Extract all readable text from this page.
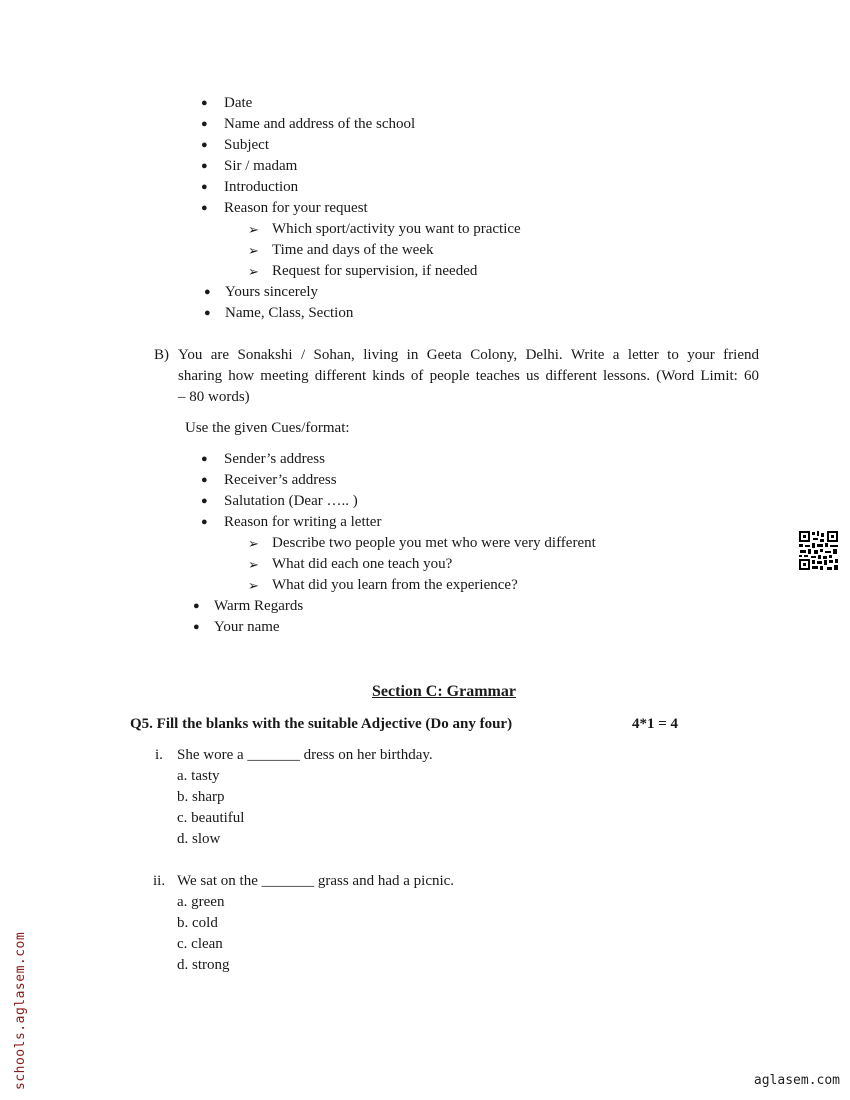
● Date
● Name and address of the school
● Subject
● Sir / madam
● Introduction
● Reason for your request
➢ Which sport/activity you want to practice
➢ Time and days of the week
➢ Request for supervision, if needed
● Yours sincerely
● Name, Class, Section
B) You are Sonakshi / Sohan, living in Geeta Colony, Delhi. Write a letter to your friend
sharing how meeting different kinds of people teaches us different lessons. (Word Limit: 60
– 80 words)
Use the given Cues/format:
● Sender’s address
● Receiver’s address
● Salutation (Dear ….. )
● Reason for writing a letter
➢ Describe two people you met who were very different
➢ What did each one teach you?
➢ What did you learn from the experience?
● Warm Regards
● Your name
Section C: Grammar
Q5. Fill the blanks with the suitable Adjective (Do any four)	4*1 = 4
i. She wore a _______ dress on her birthday.
a. tasty
b. sharp
c. beautiful
d. slow
ii. We sat on the _______ grass and had a picnic.
a. green
b. cold
c. clean
d. strong
schools.aglasem.com	aglasem.com
